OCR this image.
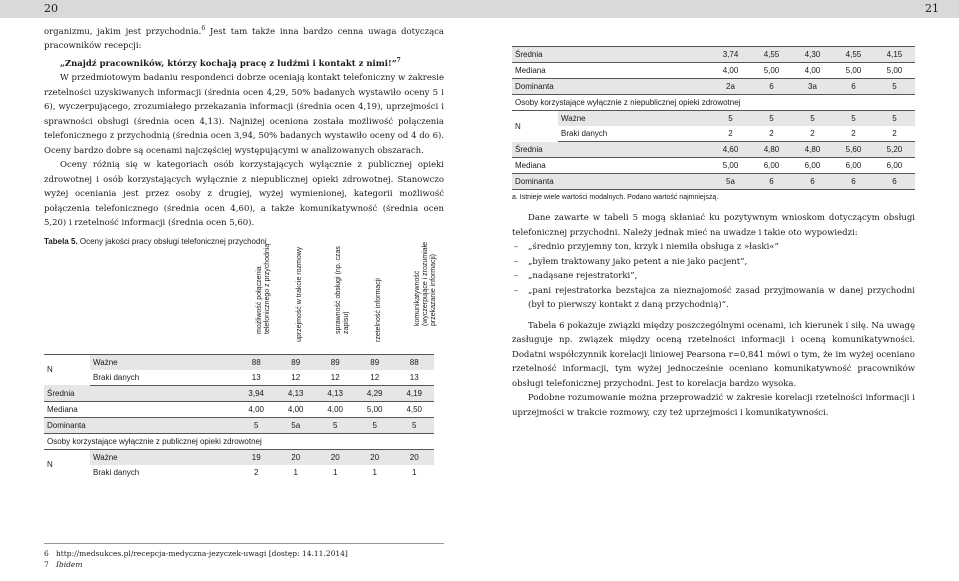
20	21

organizmu, jakim jest przychodnia.$^6$ Jest tam także inna bardzo cenna uwaga dotycząca pracowników recepcji:

„Znajdź pracowników, którzy kochają pracę z ludźmi i kontakt z nimi!”$^7$

W przedmiotowym badaniu respondenci dobrze oceniają kontakt telefoniczny w zakresie rzetelności uzyskiwanych informacji (średnia ocen 4,29, 50% badanych wystawiło oceny 5 i 6), wyczerpującego, zrozumiałego przekazania informacji (średnia ocen 4,19), uprzejmości i sprawności obsługi (średnia ocen 4,13). Najniżej oceniona została możliwość połączenia telefonicznego z przychodnią (średnia ocen 3,94, 50% badanych wystawiło oceny od 4 do 6). Oceny bardzo dobre są ocenami najczęściej występującymi w analizowanych obszarach.

Oceny różnią się w kategoriach osób korzystających wyłącznie z publicznej opieki zdrowotnej i osób korzystających wyłącznie z niepublicznej opieki zdrowotnej. Stanowczo wyżej oceniania jest przez osoby z drugiej, wyżej wymienionej, kategorii możliwość połączenia telefonicznego (średnia ocen 4,60), a także komunikatywność (średnia ocen 5,20) i rzetelność informacji (średnia ocen 5,60).

Tabela 5. Oceny jakości pracy obsługi telefonicznej przychodni

		możliwość połączenia telefonicznego z przychodnią	uprzejmość w trakcie rozmowy	sprawność obsługi (np. czas zapisu)	rzetelność informacji	komunikatywność (wyczerpujące i zrozumiałe przekazanie informacji)

N	Ważne	88	89	89	89	88
	Braki danych	13	12	12	12	13
Średnia		3,94	4,13	4,13	4,29	4,19
Mediana		4,00	4,00	4,00	5,00	4,50
Dominanta		5	5a	5	5	5
Osoby korzystające wyłącznie z publicznej opieki zdrowotnej						
N	Ważne	19	20	20	20	20
	Braki danych	2	1	1	1	1
6 http://medsukces.pl/recepcja-medyczna-jezyczek-uwagi [dostęp: 14.11.2014]
7 Ibidem
Średnia		3,74	4,55	4,30	4,55	4,15
Mediana		4,00	5,00	4,00	5,00	5,00
Dominanta		2a	6	3a	6	5
Osoby korzystające wyłącznie z niepublicznej opieki zdrowotnej						
N	Ważne	5	5	5	5	5
	Braki danych	2	2	2	2	2
Średnia		4,60	4,80	4,80	5,60	5,20
Mediana		5,00	6,00	6,00	6,00	6,00
Dominanta		5a	6	6	6	6
a. Istnieje wiele wartości modalnych. Podano wartość najmniejszą.

Dane zawarte w tabeli 5 mogą skłaniać ku pozytywnym wnioskom dotyczącym obsługi telefonicznej przychodni. Należy jednak mieć na uwadze i takie oto wypowiedzi:

– „średnio przyjemny ton, krzyk i niemiła obsługa z »łaski«”
– „byłem traktowany jako petent a nie jako pacjent”,
– „nadąsane rejestratorki”,
– „pani rejestratorka bezstajca za nieznajomość zasad przyjmowania w danej przychodni (był to pierwszy kontakt z daną przychodnią)”.

Tabela 6 pokazuje związki między poszczególnymi ocenami, ich kierunek i siłę. Na uwagę zasługuje np. związek między oceną rzetelności informacji i oceną komunikatywności. Dodatni współczynnik korelacji liniowej Pearsona r=0,841 mówi o tym, że im wyżej oceniano rzetelność informacji, tym wyżej jednocześnie oceniano komunikatywność pracowników obsługi telefonicznej przychodni. Jest to korelacja bardzo wysoka.

Podobne rozumowanie można przeprowadzić w zakresie korelacji rzetelności informacji i uprzejmości w trakcie rozmowy, czy też uprzejmości i komunikatywności.
